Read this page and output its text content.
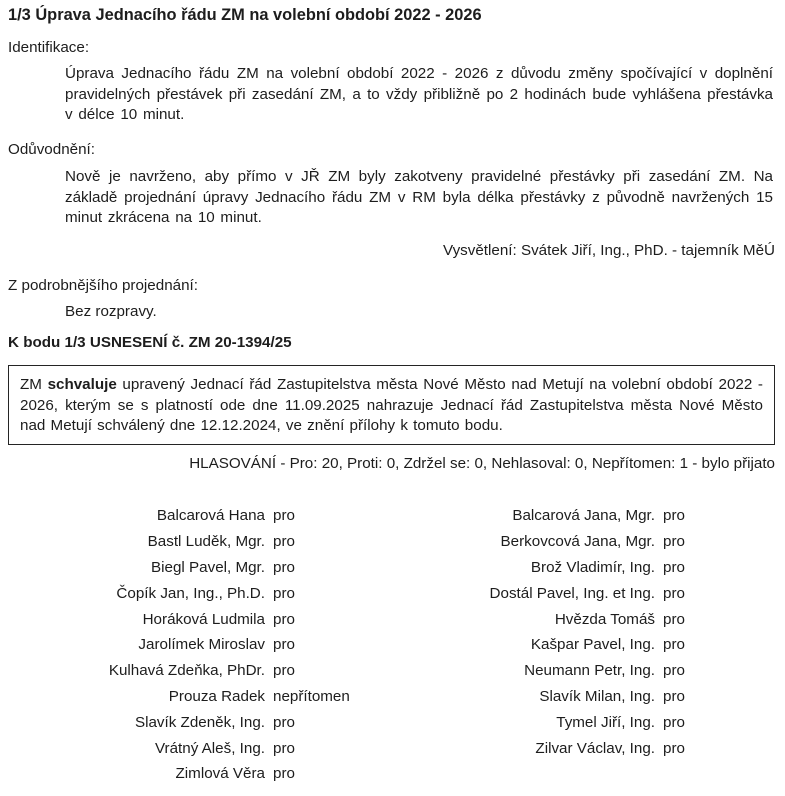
1/3 Úprava Jednacího řádu ZM na volební období 2022 - 2026
Identifikace:
Úprava Jednacího řádu ZM na volební období 2022 - 2026 z důvodu změny spočívající v doplnění pravidelných přestávek při zasedání ZM, a to vždy přibližně po 2 hodinách bude vyhlášena přestávka v délce 10 minut.
Odůvodnění:
Nově je navrženo, aby přímo v JŘ ZM byly zakotveny pravidelné přestávky při zasedání ZM. Na základě projednání úpravy Jednacího řádu ZM v RM byla délka přestávky z původně navržených 15 minut zkrácena na 10 minut.
Vysvětlení: Svátek Jiří, Ing., PhD. - tajemník MěÚ
Z podrobnějšího projednání:
Bez rozpravy.
K bodu 1/3 USNESENÍ č. ZM 20-1394/25
ZM schvaluje upravený Jednací řád Zastupitelstva města Nové Město nad Metují na volební období 2022 - 2026, kterým se s platností ode dne 11.09.2025 nahrazuje Jednací řád Zastupitelstva města Nové Město nad Metují schválený dne 12.12.2024, ve znění přílohy k tomuto bodu.
HLASOVÁNÍ - Pro: 20, Proti: 0, Zdržel se: 0, Nehlasoval: 0, Nepřítomen: 1 - bylo přijato
Balcarová Hana pro	Balcarová Jana, Mgr. pro
Bastl Luděk, Mgr. pro	Berkovcová Jana, Mgr. pro
Biegl Pavel, Mgr. pro	Brož Vladimír, Ing. pro
Čopík Jan, Ing., Ph.D. pro	Dostál Pavel, Ing. et Ing. pro
Horáková Ludmila pro	Hvězda Tomáš pro
Jarolímek Miroslav pro	Kašpar Pavel, Ing. pro
Kulhavá Zdeňka, PhDr. pro	Neumann Petr, Ing. pro
Prouza Radek nepřítomen	Slavík Milan, Ing. pro
Slavík Zdeněk, Ing. pro	Tymel Jiří, Ing. pro
Vrátný Aleš, Ing. pro	Zilvar Václav, Ing. pro
Zimlová Věra pro
